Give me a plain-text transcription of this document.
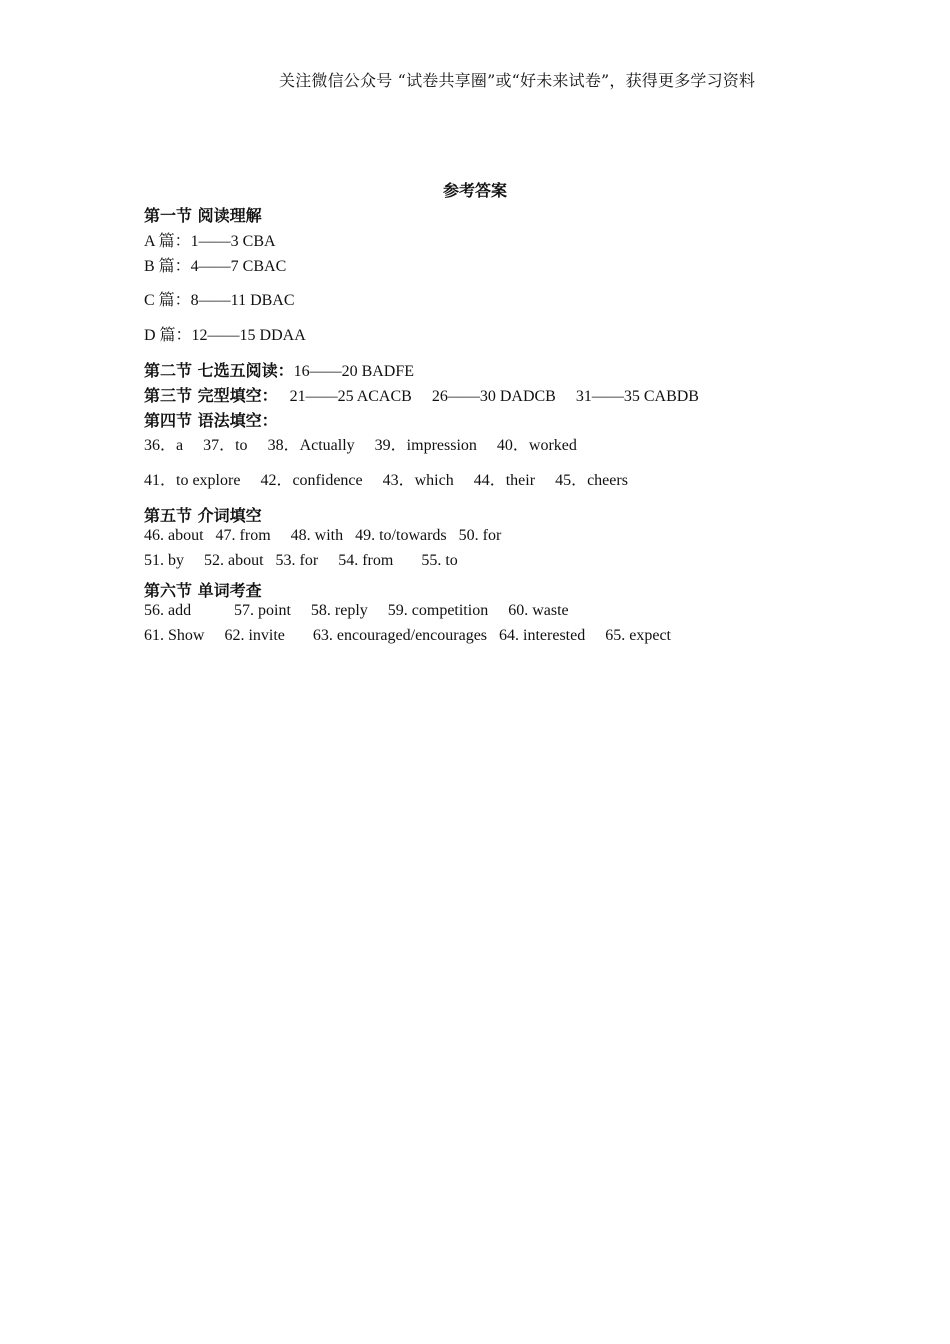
关注微信公众号 “试卷共享圈”或“好未来试卷”，获得更多学习资料
参考答案
第一节 阅读理解
A 篇：1——3 CBA
B 篇：4——7 CBAC
C 篇：8——11 DBAC
D 篇：12——15 DDAA
第二节 七选五阅读：16——20 BADFE
第三节 完型填空： 21——25 ACACB 26——30 DADCB 31——35 CABDB
第四节 语法填空：
36．a 37．to 38．Actually 39．impression 40．worked
41．to explore 42．confidence 43．which 44．their 45．cheers
第五节 介词填空
46. about 47. from 48. with 49. to/towards 50. for
51. by 52. about 53. for 54. from 55. to
第六节 单词考查
56. add	57. point 58. reply 59. competition 60. waste
61. Show 62. invite 63. encouraged/encourages 64. interested 65. expect
